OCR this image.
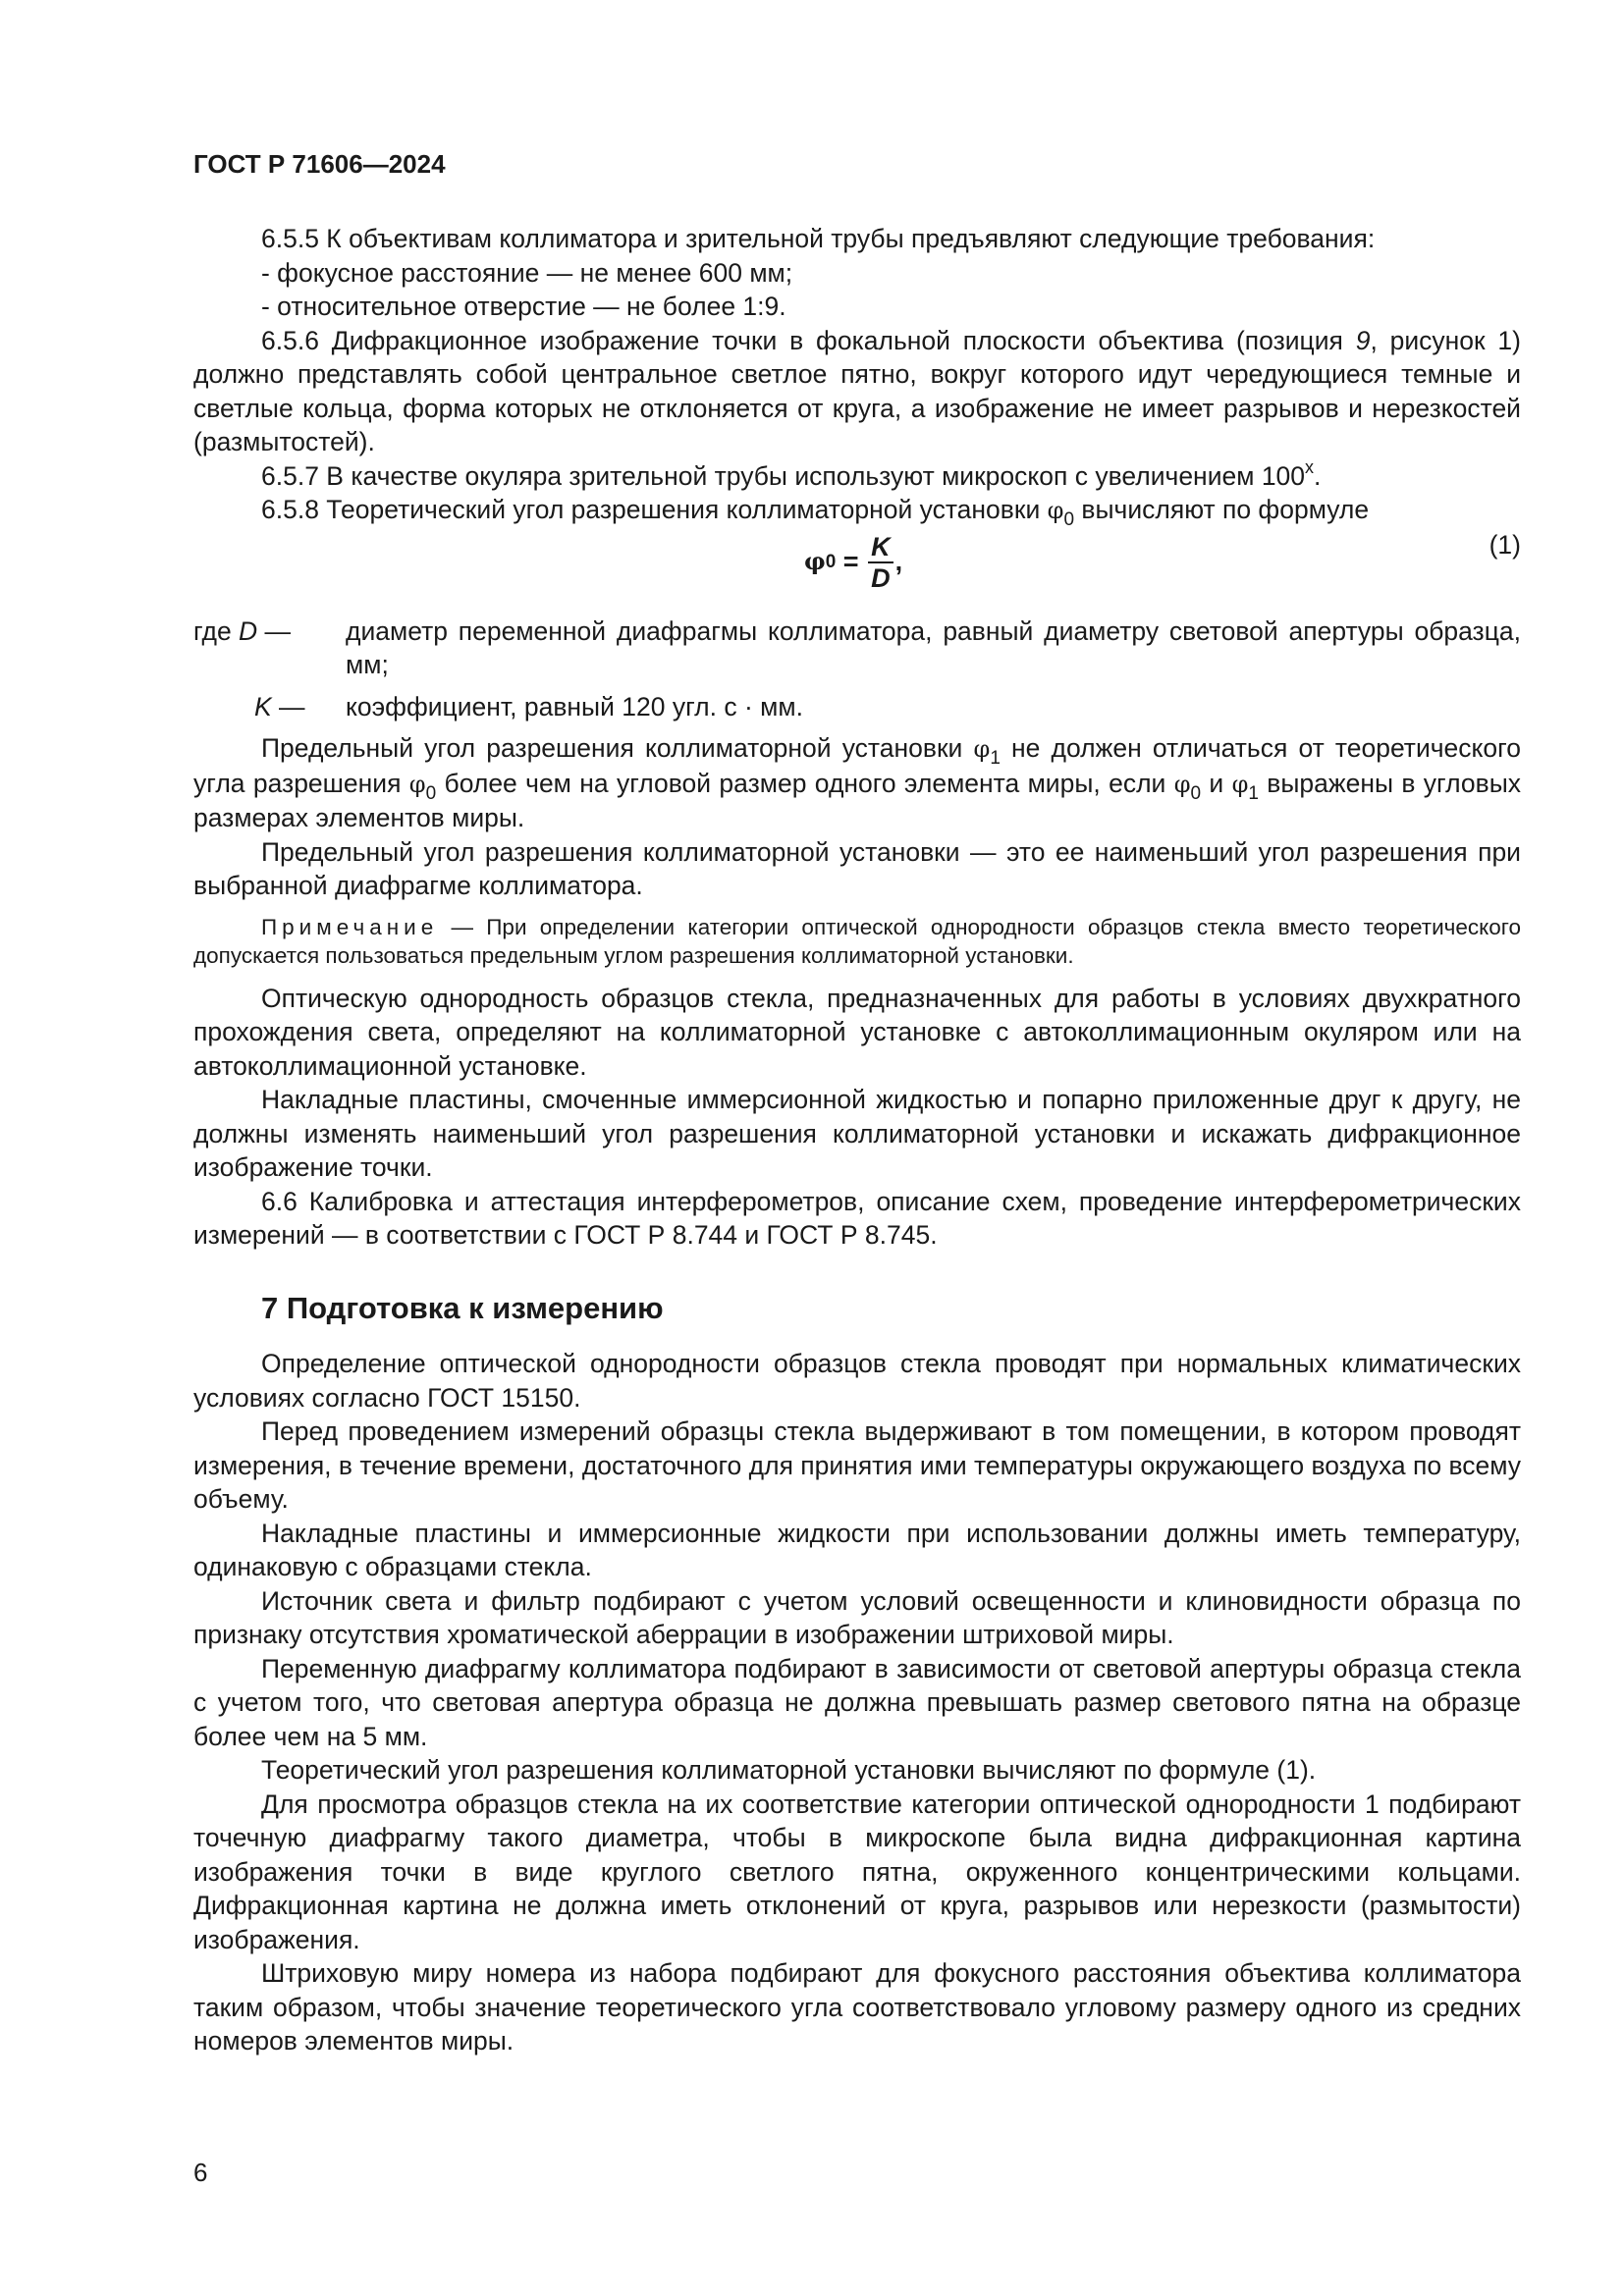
ГОСТ Р 71606—2024

6.5.5 К объективам коллиматора и зрительной трубы предъявляют следующие требования:

- фокусное расстояние — не менее 600 мм;

- относительное отверстие — не более 1:9.

6.5.6 Дифракционное изображение точки в фокальной плоскости объектива (позиция 9, рисунок 1) должно представлять собой центральное светлое пятно, вокруг которого идут чередующиеся темные и светлые кольца, форма которых не отклоняется от круга, а изображение не имеет разрывов и нерезкостей (размытостей).

6.5.7 В качестве окуляра зрительной трубы используют микроскоп с увеличением 100$^x$.

6.5.8 Теоретический угол разрешения коллиматорной установки $\varphi_0$ вычисляют по формуле

φ $0 = \frac{K}{D}$ ,
(1)
где D —	диаметр переменной диафрагмы коллиматора, равный диаметру световой апертуры образца, мм;
K —	коэффициент, равный 120 угл. с · мм.

Предельный угол разрешения коллиматорной установки $\varphi_1$ не должен отличаться от теоретического угла разрешения $\varphi_0$ более чем на угловой размер одного элемента миры, если $\varphi_0$ и $\varphi_1$ выражены в угловых размерах элементов миры.

Предельный угол разрешения коллиматорной установки — это ее наименьший угол разрешения при выбранной диафрагме коллиматора.

Примечание — При определении категории оптической однородности образцов стекла вместо теоретического допускается пользоваться предельным углом разрешения коллиматорной установки.

Оптическую однородность образцов стекла, предназначенных для работы в условиях двухкратного прохождения света, определяют на коллиматорной установке с автоколлимационным окуляром или на автоколлимационной установке.

Накладные пластины, смоченные иммерсионной жидкостью и попарно приложенные друг к другу, не должны изменять наименьший угол разрешения коллиматорной установки и искажать дифракционное изображение точки.

6.6 Калибровка и аттестация интерферометров, описание схем, проведение интерферометрических измерений — в соответствии с ГОСТ Р 8.744 и ГОСТ Р 8.745.

7 Подготовка к измерению

Определение оптической однородности образцов стекла проводят при нормальных климатических условиях согласно ГОСТ 15150.

Перед проведением измерений образцы стекла выдерживают в том помещении, в котором проводят измерения, в течение времени, достаточного для принятия ими температуры окружающего воздуха по всему объему.

Накладные пластины и иммерсионные жидкости при использовании должны иметь температуру, одинаковую с образцами стекла.

Источник света и фильтр подбирают с учетом условий освещенности и клиновидности образца по признаку отсутствия хроматической аберрации в изображении штриховой миры.

Переменную диафрагму коллиматора подбирают в зависимости от световой апертуры образца стекла с учетом того, что световая апертура образца не должна превышать размер светового пятна на образце более чем на 5 мм.

Теоретический угол разрешения коллиматорной установки вычисляют по формуле (1).

Для просмотра образцов стекла на их соответствие категории оптической однородности 1 подбирают точечную диафрагму такого диаметра, чтобы в микроскопе была видна дифракционная картина изображения точки в виде круглого светлого пятна, окруженного концентрическими кольцами. Дифракционная картина не должна иметь отклонений от круга, разрывов или нерезкости (размытости) изображения.

Штриховую миру номера из набора подбирают для фокусного расстояния объектива коллиматора таким образом, чтобы значение теоретического угла соответствовало угловому размеру одного из средних номеров элементов миры.

6
